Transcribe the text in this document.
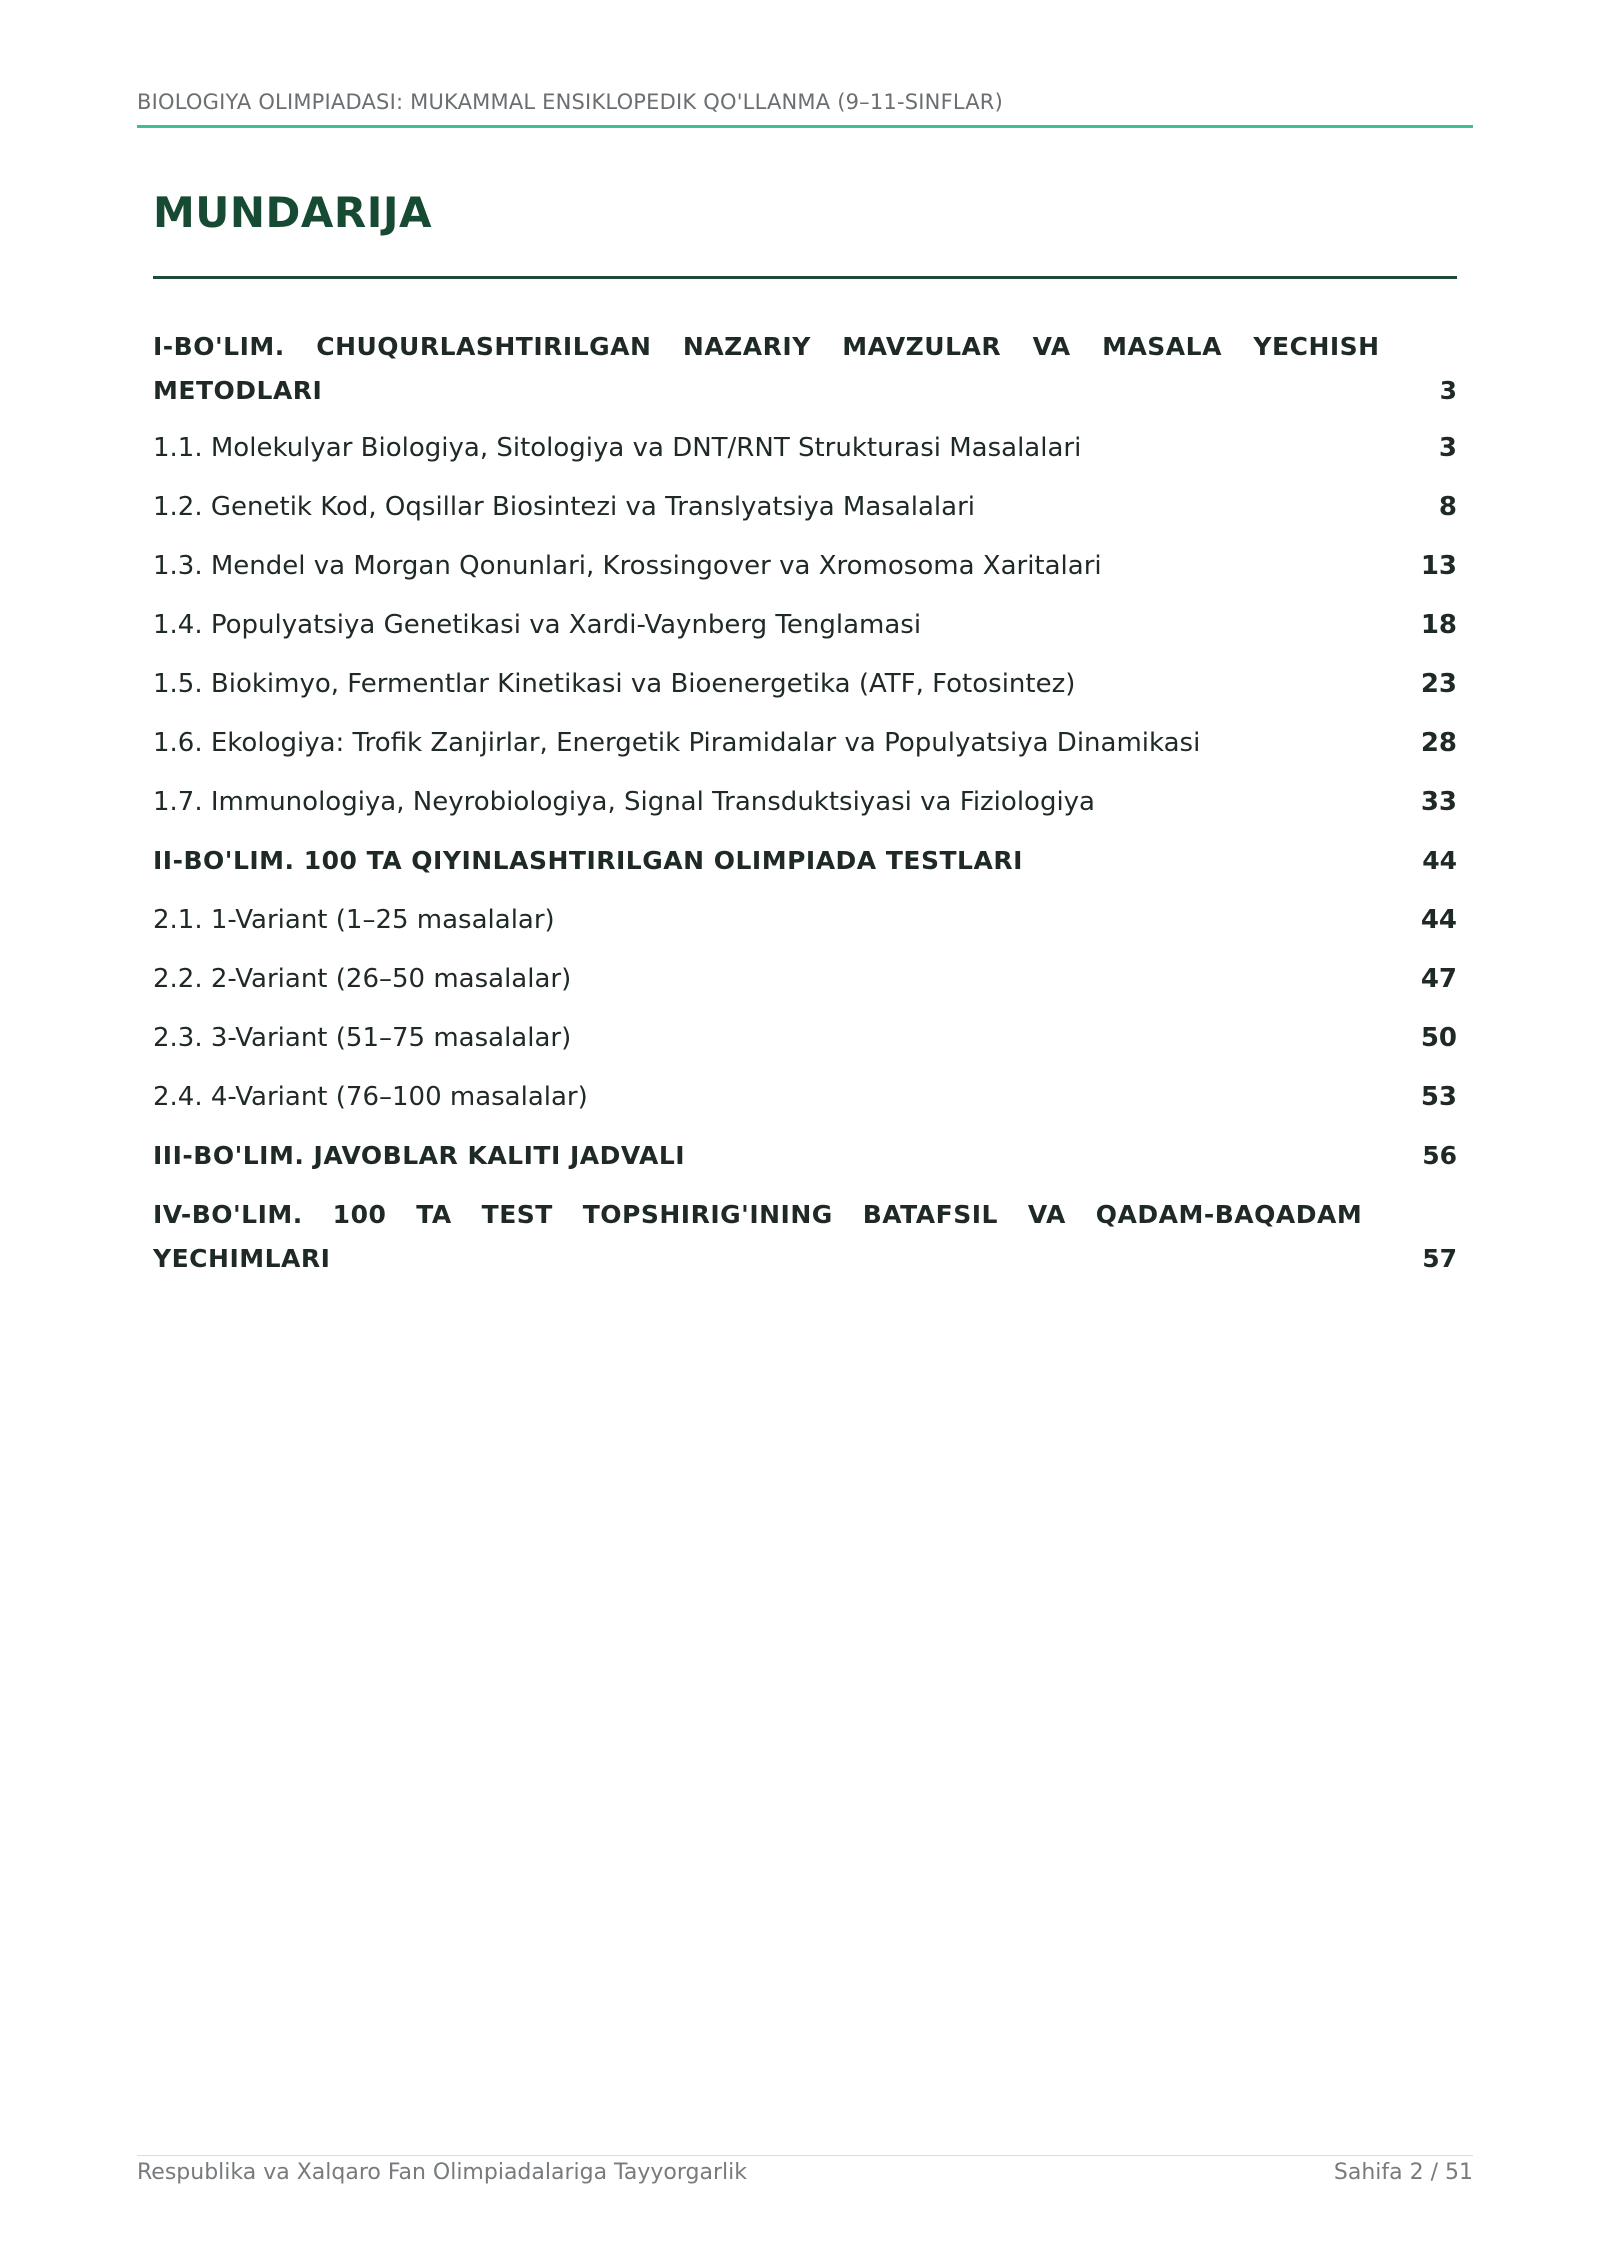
BIOLOGIYA OLIMPIADASI: MUKAMMAL ENSIKLOPEDIK QO'LLANMA (9–11-SINFLAR)
MUNDARIJA
I-BO'LIM. CHUQURLASHTIRILGAN NAZARIY MAVZULAR VA MASALA YECHISH METODLARI	3
1.1. Molekulyar Biologiya, Sitologiya va DNT/RNT Strukturasi Masalalari	3
1.2. Genetik Kod, Oqsillar Biosintezi va Translyatsiya Masalalari	8
1.3. Mendel va Morgan Qonunlari, Krossingover va Xromosoma Xaritalari	13
1.4. Populyatsiya Genetikasi va Xardi-Vaynberg Tenglamasi	18
1.5. Biokimyo, Fermentlar Kinetikasi va Bioenergetika (ATF, Fotosintez)	23
1.6. Ekologiya: Trofik Zanjirlar, Energetik Piramidalar va Populyatsiya Dinamikasi	28
1.7. Immunologiya, Neyrobiologiya, Signal Transduktsiyasi va Fiziologiya	33
II-BO'LIM. 100 TA QIYINLASHTIRILGAN OLIMPIADA TESTLARI	44
2.1. 1-Variant (1–25 masalalar)	44
2.2. 2-Variant (26–50 masalalar)	47
2.3. 3-Variant (51–75 masalalar)	50
2.4. 4-Variant (76–100 masalalar)	53
III-BO'LIM. JAVOBLAR KALITI JADVALI	56
IV-BO'LIM. 100 TA TEST TOPSHIRIG'INING BATAFSIL VA QADAM-BAQADAM YECHIMLARI	57
Respublika va Xalqaro Fan Olimpiadalariga Tayyorgarlik	Sahifa 2 / 51
